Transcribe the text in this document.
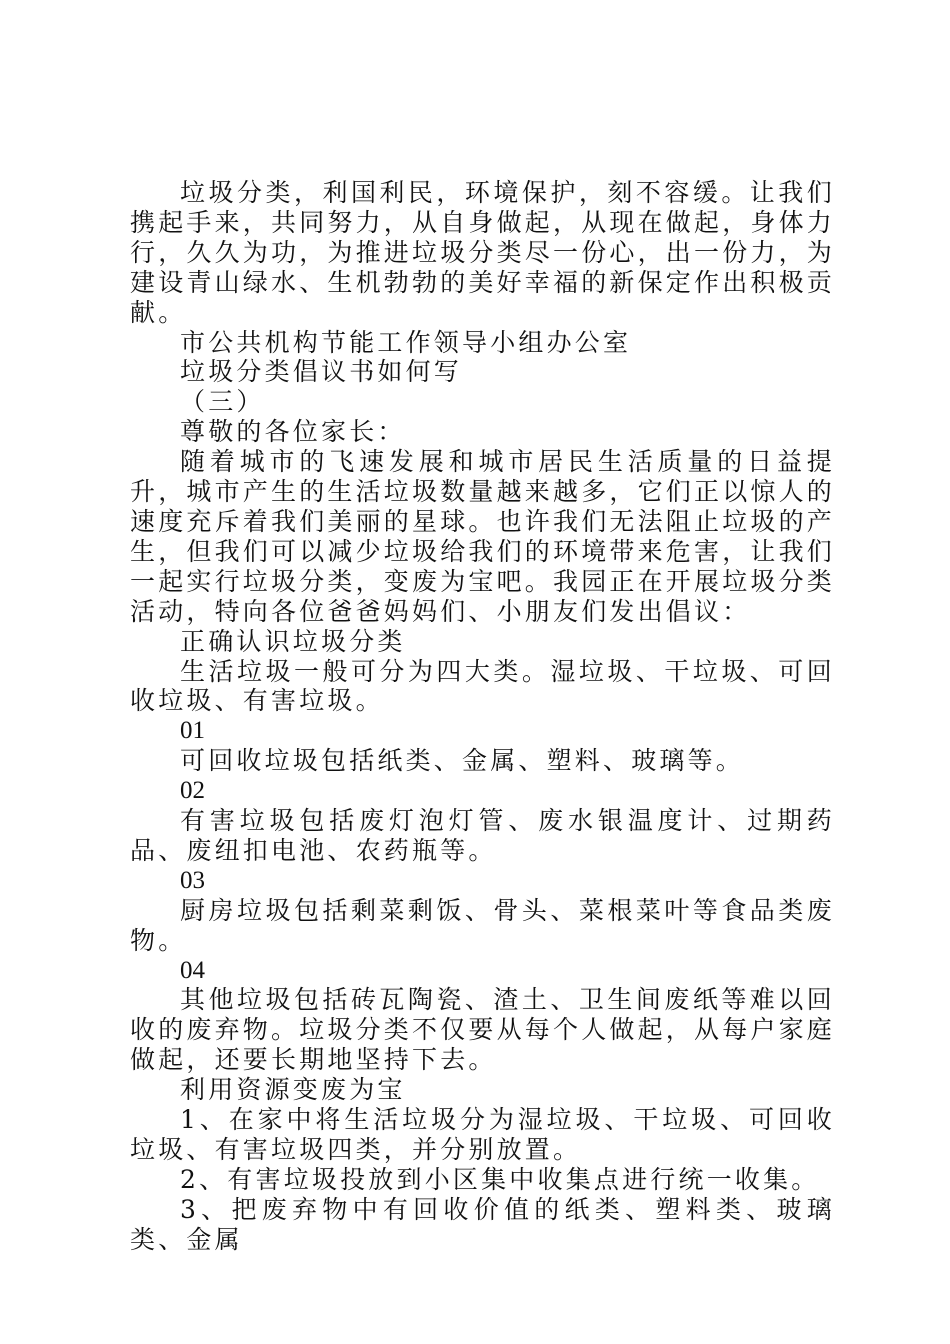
垃圾分类，利国利民，环境保护，刻不容缓。让我们携起手来，共同努力，从自身做起，从现在做起，身体力行，久久为功，为推进垃圾分类尽一份心，出一份力，为建设青山绿水、生机勃勃的美好幸福的新保定作出积极贡献。

市公共机构节能工作领导小组办公室

垃圾分类倡议书如何写

（三）

尊敬的各位家长：

随着城市的飞速发展和城市居民生活质量的日益提升，城市产生的生活垃圾数量越来越多，它们正以惊人的速度充斥着我们美丽的星球。也许我们无法阻止垃圾的产生，但我们可以减少垃圾给我们的环境带来危害，让我们一起实行垃圾分类，变废为宝吧。我园正在开展垃圾分类活动，特向各位爸爸妈妈们、小朋友们发出倡议：

正确认识垃圾分类

生活垃圾一般可分为四大类。湿垃圾、干垃圾、可回收垃圾、有害垃圾。

01

可回收垃圾包括纸类、金属、塑料、玻璃等。

02

有害垃圾包括废灯泡灯管、废水银温度计、过期药品、废纽扣电池、农药瓶等。

03

厨房垃圾包括剩菜剩饭、骨头、菜根菜叶等食品类废物。

04

其他垃圾包括砖瓦陶瓷、渣土、卫生间废纸等难以回收的废弃物。垃圾分类不仅要从每个人做起，从每户家庭做起，还要长期地坚持下去。

利用资源变废为宝

1、在家中将生活垃圾分为湿垃圾、干垃圾、可回收垃圾、有害垃圾四类，并分别放置。

2、有害垃圾投放到小区集中收集点进行统一收集。

3、把废弃物中有回收价值的纸类、塑料类、玻璃类、金属
